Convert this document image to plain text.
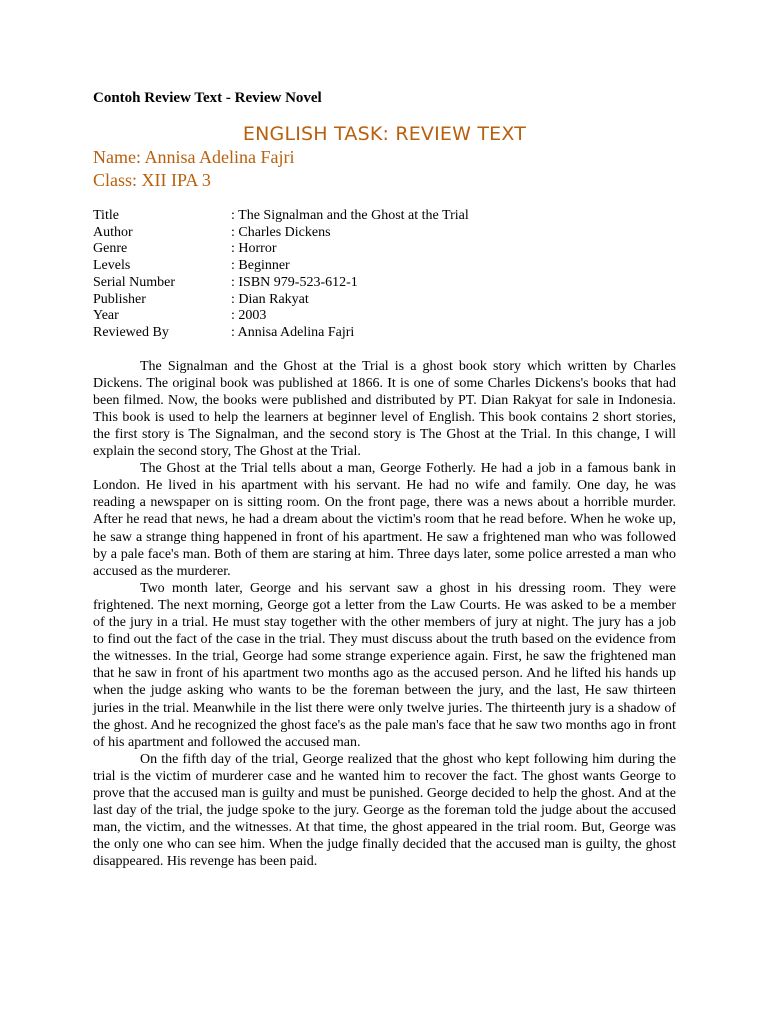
Contoh Review Text - Review Novel
ENGLISH TASK: REVIEW TEXT
Name: Annisa Adelina Fajri
Class: XII IPA 3
Title	: The Signalman and the Ghost at the Trial
Author	: Charles Dickens
Genre	: Horror
Levels	: Beginner
Serial Number	: ISBN 979-523-612-1
Publisher	: Dian Rakyat
Year	: 2003
Reviewed By	: Annisa Adelina Fajri

The Signalman and the Ghost at the Trial is a ghost book story which written by Charles Dickens. The original book was published at 1866. It is one of some Charles Dickens's books that had been filmed. Now, the books were published and distributed by PT. Dian Rakyat for sale in Indonesia. This book is used to help the learners at beginner level of English. This book contains 2 short stories, the first story is The Signalman, and the second story is The Ghost at the Trial. In this change, I will explain the second story, The Ghost at the Trial.

The Ghost at the Trial tells about a man, George Fotherly. He had a job in a famous bank in London. He lived in his apartment with his servant. He had no wife and family. One day, he was reading a newspaper on is sitting room. On the front page, there was a news about a horrible murder. After he read that news, he had a dream about the victim's room that he read before. When he woke up, he saw a strange thing happened in front of his apartment. He saw a frightened man who was followed by a pale face's man. Both of them are staring at him. Three days later, some police arrested a man who accused as the murderer.

Two month later, George and his servant saw a ghost in his dressing room. They were frightened. The next morning, George got a letter from the Law Courts. He was asked to be a member of the jury in a trial. He must stay together with the other members of jury at night. The jury has a job to find out the fact of the case in the trial. They must discuss about the truth based on the evidence from the witnesses. In the trial, George had some strange experience again. First, he saw the frightened man that he saw in front of his apartment two months ago as the accused person. And he lifted his hands up when the judge asking who wants to be the foreman between the jury, and the last, He saw thirteen juries in the trial. Meanwhile in the list there were only twelve juries. The thirteenth jury is a shadow of the ghost. And he recognized the ghost face's as the pale man's face that he saw two months ago in front of his apartment and followed the accused man.

On the fifth day of the trial, George realized that the ghost who kept following him during the trial is the victim of murderer case and he wanted him to recover the fact. The ghost wants George to prove that the accused man is guilty and must be punished. George decided to help the ghost. And at the last day of the trial, the judge spoke to the jury. George as the foreman told the judge about the accused man, the victim, and the witnesses. At that time, the ghost appeared in the trial room. But, George was the only one who can see him. When the judge finally decided that the accused man is guilty, the ghost disappeared. His revenge has been paid.
